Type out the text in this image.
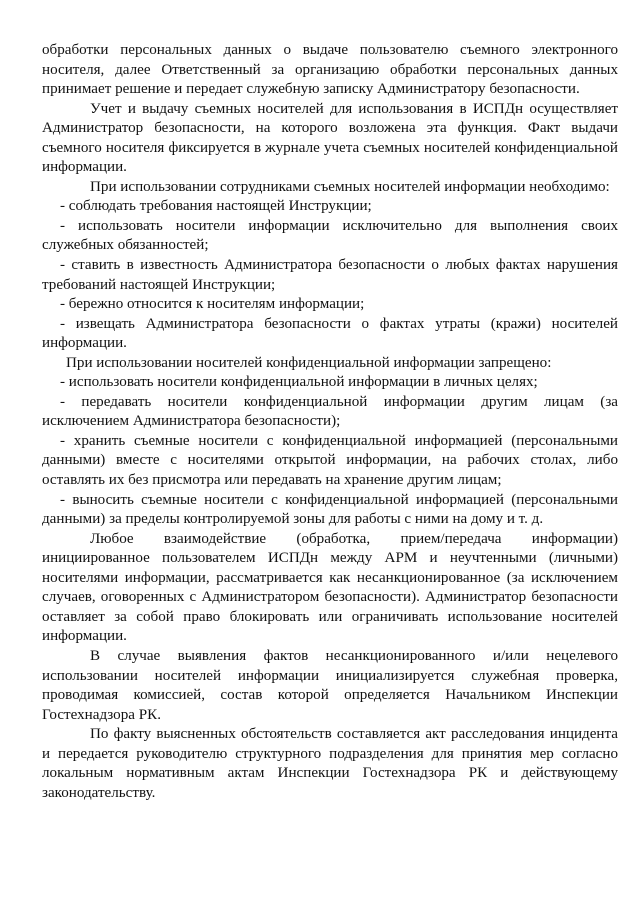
обработки персональных данных о выдаче пользователю съемного электронного носителя, далее Ответственный за организацию обработки персональных данных принимает решение и передает служебную записку Администратору безопасности.

Учет и выдачу съемных носителей для использования в ИСПДн осуществляет Администратор безопасности, на которого возложена эта функция. Факт выдачи съемного носителя фиксируется в журнале учета съемных носителей конфиденциальной информации.

При использовании сотрудниками съемных носителей информации необходимо:

- соблюдать требования настоящей Инструкции;

- использовать носители информации исключительно для выполнения своих служебных обязанностей;

- ставить в известность Администратора безопасности о любых фактах нарушения требований настоящей Инструкции;

- бережно относится к носителям информации;

- извещать Администратора безопасности о фактах утраты (кражи) носителей информации.

При использовании носителей конфиденциальной информации запрещено:

- использовать носители конфиденциальной информации в личных целях;

- передавать носители конфиденциальной информации другим лицам (за исключением Администратора безопасности);

- хранить съемные носители с конфиденциальной информацией (персональными данными) вместе с носителями открытой информации, на рабочих столах, либо оставлять их без присмотра или передавать на хранение другим лицам;

- выносить съемные носители с конфиденциальной информацией (персональными данными) за пределы контролируемой зоны для работы с ними на дому и т. д.

Любое взаимодействие (обработка, прием/передача информации) инициированное пользователем ИСПДн между АРМ и неучтенными (личными) носителями информации, рассматривается как несанкционированное (за исключением случаев, оговоренных с Администратором безопасности). Администратор безопасности оставляет за собой право блокировать или ограничивать использование носителей информации.

В случае выявления фактов несанкционированного и/или нецелевого использовании носителей информации инициализируется служебная проверка, проводимая комиссией, состав которой определяется Начальником Инспекции Гостехнадзора РК.

По факту выясненных обстоятельств составляется акт расследования инцидента и передается руководителю структурного подразделения для принятия мер согласно локальным нормативным актам Инспекции Гостехнадзора РК и действующему законодательству.
